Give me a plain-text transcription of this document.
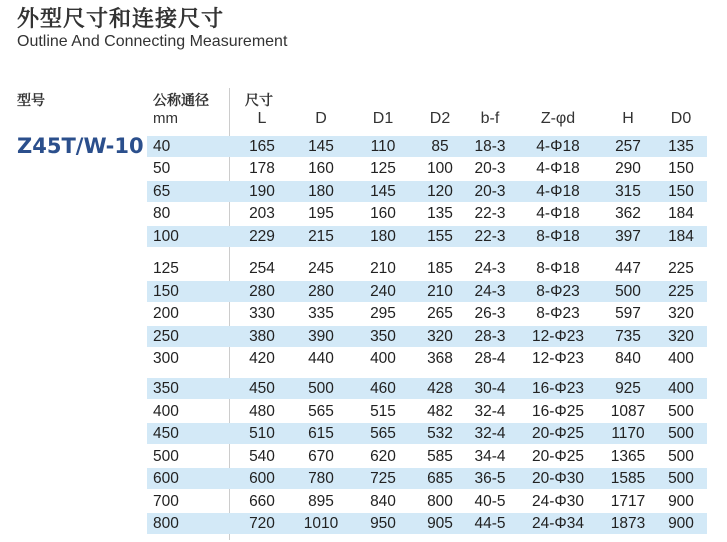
外型尺寸和连接尺寸
Outline And Connecting Measurement
型号	公称通径
mm
尺寸
L	D	D1	D2	b-f	Z-φd	H	D0
Z45T/W-10 40	165	145	110	85	18-3	4-Φ18	257	135
50	178	160	125	100	20-3	4-Φ18	290	150
65	190	180	145	120	20-3	4-Φ18	315	150
80	203	195	160	135	22-3	4-Φ18	362	184
100	229	215	180	155	22-3	8-Φ18	397	184
125	254	245	210	185	24-3	8-Φ18	447	225
150	280	280	240	210	24-3	8-Φ23	500	225
200	330	335	295	265	26-3	8-Φ23	597	320
250	380	390	350	320	28-3	12-Φ23	735	320
300	420	440	400	368	28-4	12-Φ23	840	400
350	450	500	460	428	30-4	16-Φ23	925	400
400	480	565	515	482	32-4	16-Φ25	1087	500
450	510	615	565	532	32-4	20-Φ25	1170	500
500	540	670	620	585	34-4	20-Φ25	1365	500
600	600	780	725	685	36-5	20-Φ30	1585	500
700	660	895	840	800	40-5	24-Φ30	1717	900
800	720	1010	950	905	44-5	24-Φ34	1873	900
